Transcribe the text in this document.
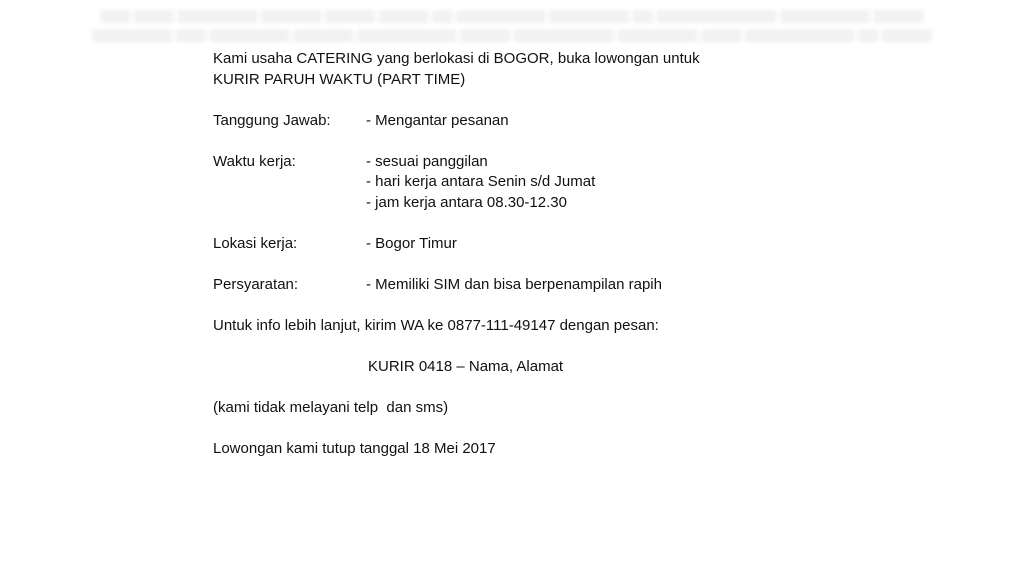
▇▇▇ ▇▇▇▇ ▇▇▇▇▇▇▇▇ ▇▇▇▇▇▇ ▇▇▇▇▇ ▇▇▇▇▇ ▇▇ ▇▇▇▇▇▇▇▇▇ ▇▇▇▇▇▇▇▇ ▇▇ ▇▇▇▇▇▇▇▇▇▇▇▇ ▇▇▇▇▇▇▇▇▇ ▇▇▇▇▇
▇▇▇▇▇▇▇▇ ▇▇▇ ▇▇▇▇▇▇▇▇ ▇▇▇▇▇▇ ▇▇▇▇▇▇▇▇▇▇ ▇▇▇▇▇ ▇▇▇▇▇▇▇▇▇▇ ▇▇▇▇▇▇▇▇ ▇▇▇▇ ▇▇▇▇▇▇▇▇▇▇▇ ▇▇ ▇▇▇▇▇
Kami usaha CATERING yang berlokasi di BOGOR, buka lowongan untuk
KURIR PARUH WAKTU (PART TIME)
Tanggung Jawab:	- Mengantar pesanan
Waktu kerja:	- sesuai panggilan
- hari kerja antara Senin s/d Jumat
- jam kerja antara 08.30-12.30
Lokasi kerja:	- Bogor Timur
Persyaratan:	- Memiliki SIM dan bisa berpenampilan rapih
Untuk info lebih lanjut, kirim WA ke 0877-111-49147 dengan pesan:
KURIR 0418 – Nama, Alamat
(kami tidak melayani telp  dan sms)
Lowongan kami tutup tanggal 18 Mei 2017
